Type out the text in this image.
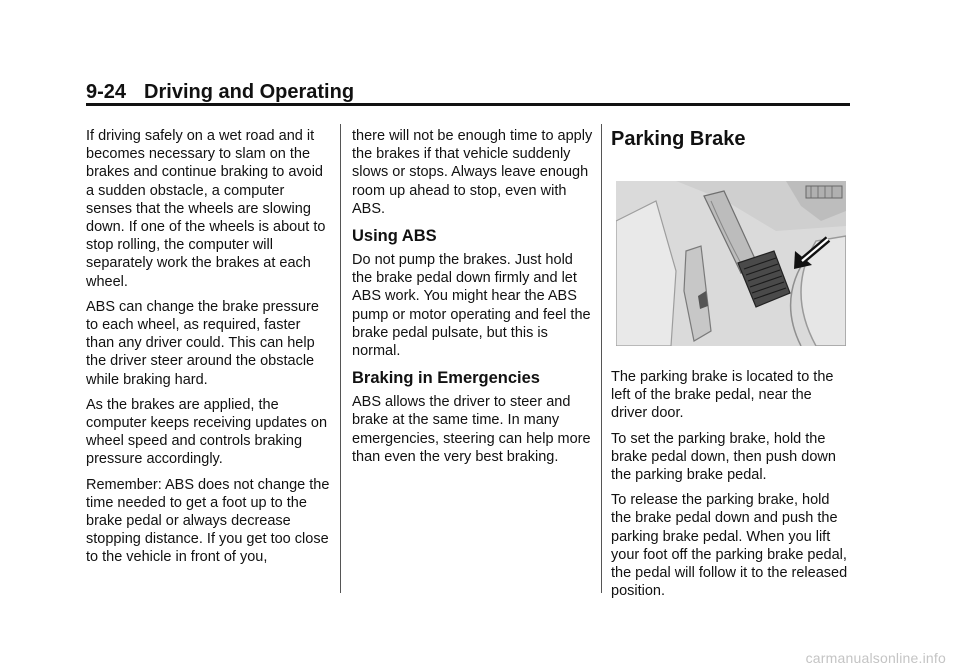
9-24 Driving and Operating

If driving safely on a wet road and it becomes necessary to slam on the brakes and continue braking to avoid a sudden obstacle, a computer senses that the wheels are slowing down. If one of the wheels is about to stop rolling, the computer will separately work the brakes at each wheel.

ABS can change the brake pressure to each wheel, as required, faster than any driver could. This can help the driver steer around the obstacle while braking hard.

As the brakes are applied, the computer keeps receiving updates on wheel speed and controls braking pressure accordingly.

Remember: ABS does not change the time needed to get a foot up to the brake pedal or always decrease stopping distance. If you get too close to the vehicle in front of you,

there will not be enough time to apply the brakes if that vehicle suddenly slows or stops. Always leave enough room up ahead to stop, even with ABS.

Using ABS

Do not pump the brakes. Just hold the brake pedal down firmly and let ABS work. You might hear the ABS pump or motor operating and feel the brake pedal pulsate, but this is normal.

Braking in Emergencies

ABS allows the driver to steer and brake at the same time. In many emergencies, steering can help more than even the very best braking.

Parking Brake

The parking brake is located to the left of the brake pedal, near the driver door.

To set the parking brake, hold the brake pedal down, then push down the parking brake pedal.

To release the parking brake, hold the brake pedal down and push the parking brake pedal. When you lift your foot off the parking brake pedal, the pedal will follow it to the released position.

carmanualsonline.info
